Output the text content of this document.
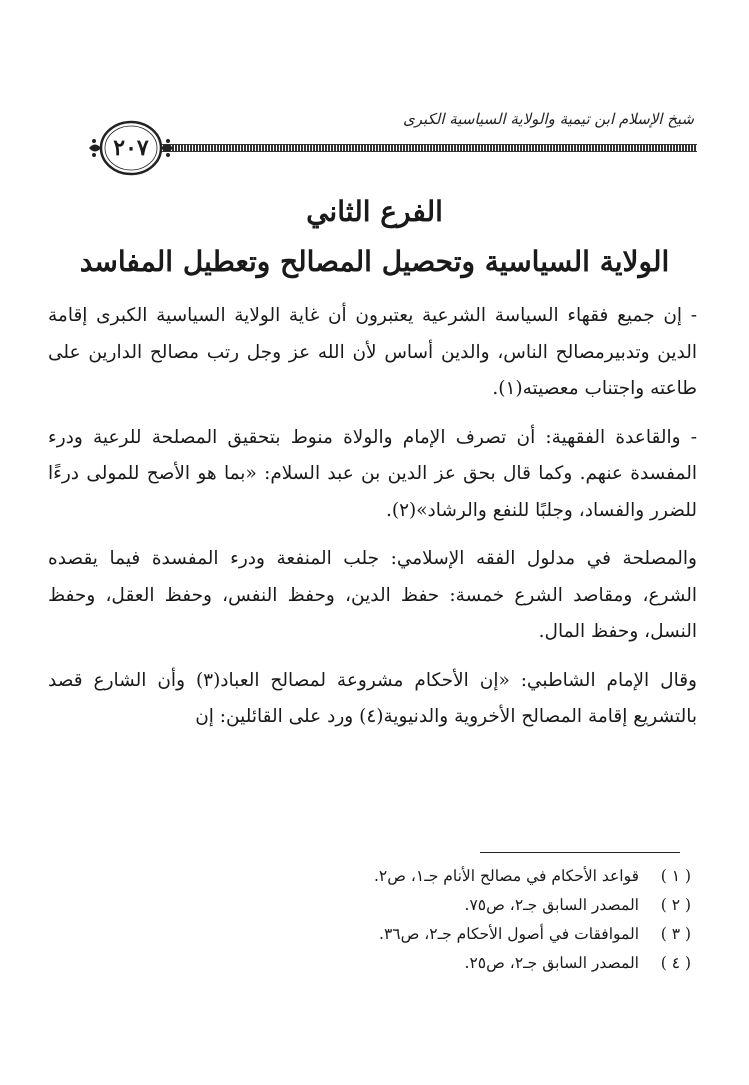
شيخ الإسلام ابن تيمية والولاية السياسية الكبرى
٢٠٧
الفرع الثاني
الولاية السياسية وتحصيل المصالح وتعطيل المفاسد

- إن جميع فقهاء السياسة الشرعية يعتبرون أن غاية الولاية السياسية الكبرى إقامة الدين وتدبيرمصالح الناس، والدين أساس لأن الله عز وجل رتب مصالح الدارين على طاعته واجتناب معصيته(١).

- والقاعدة الفقهية: أن تصرف الإمام والولاة منوط بتحقيق المصلحة للرعية ودرء المفسدة عنهم. وكما قال بحق عز الدين بن عبد السلام: «بما هو الأصح للمولى درءًا للضرر والفساد، وجلبًا للنفع والرشاد»(٢).

والمصلحة في مدلول الفقه الإسلامي: جلب المنفعة ودرء المفسدة فيما يقصده الشرع، ومقاصد الشرع خمسة: حفظ الدين، وحفظ النفس، وحفظ العقل، وحفظ النسل، وحفظ المال.

وقال الإمام الشاطبي: «إن الأحكام مشروعة لمصالح العباد(٣) وأن الشارع قصد بالتشريع إقامة المصالح الأخروية والدنيوية(٤) ورد على القائلين: إن

( ١ )
قواعد الأحكام في مصالح الأنام جـ١، ص٢.
( ٢ )
المصدر السابق جـ٢، ص٧٥.
( ٣ )
الموافقات في أصول الأحكام جـ٢، ص٣٦.
( ٤ )
المصدر السابق جـ٢، ص٢٥.
